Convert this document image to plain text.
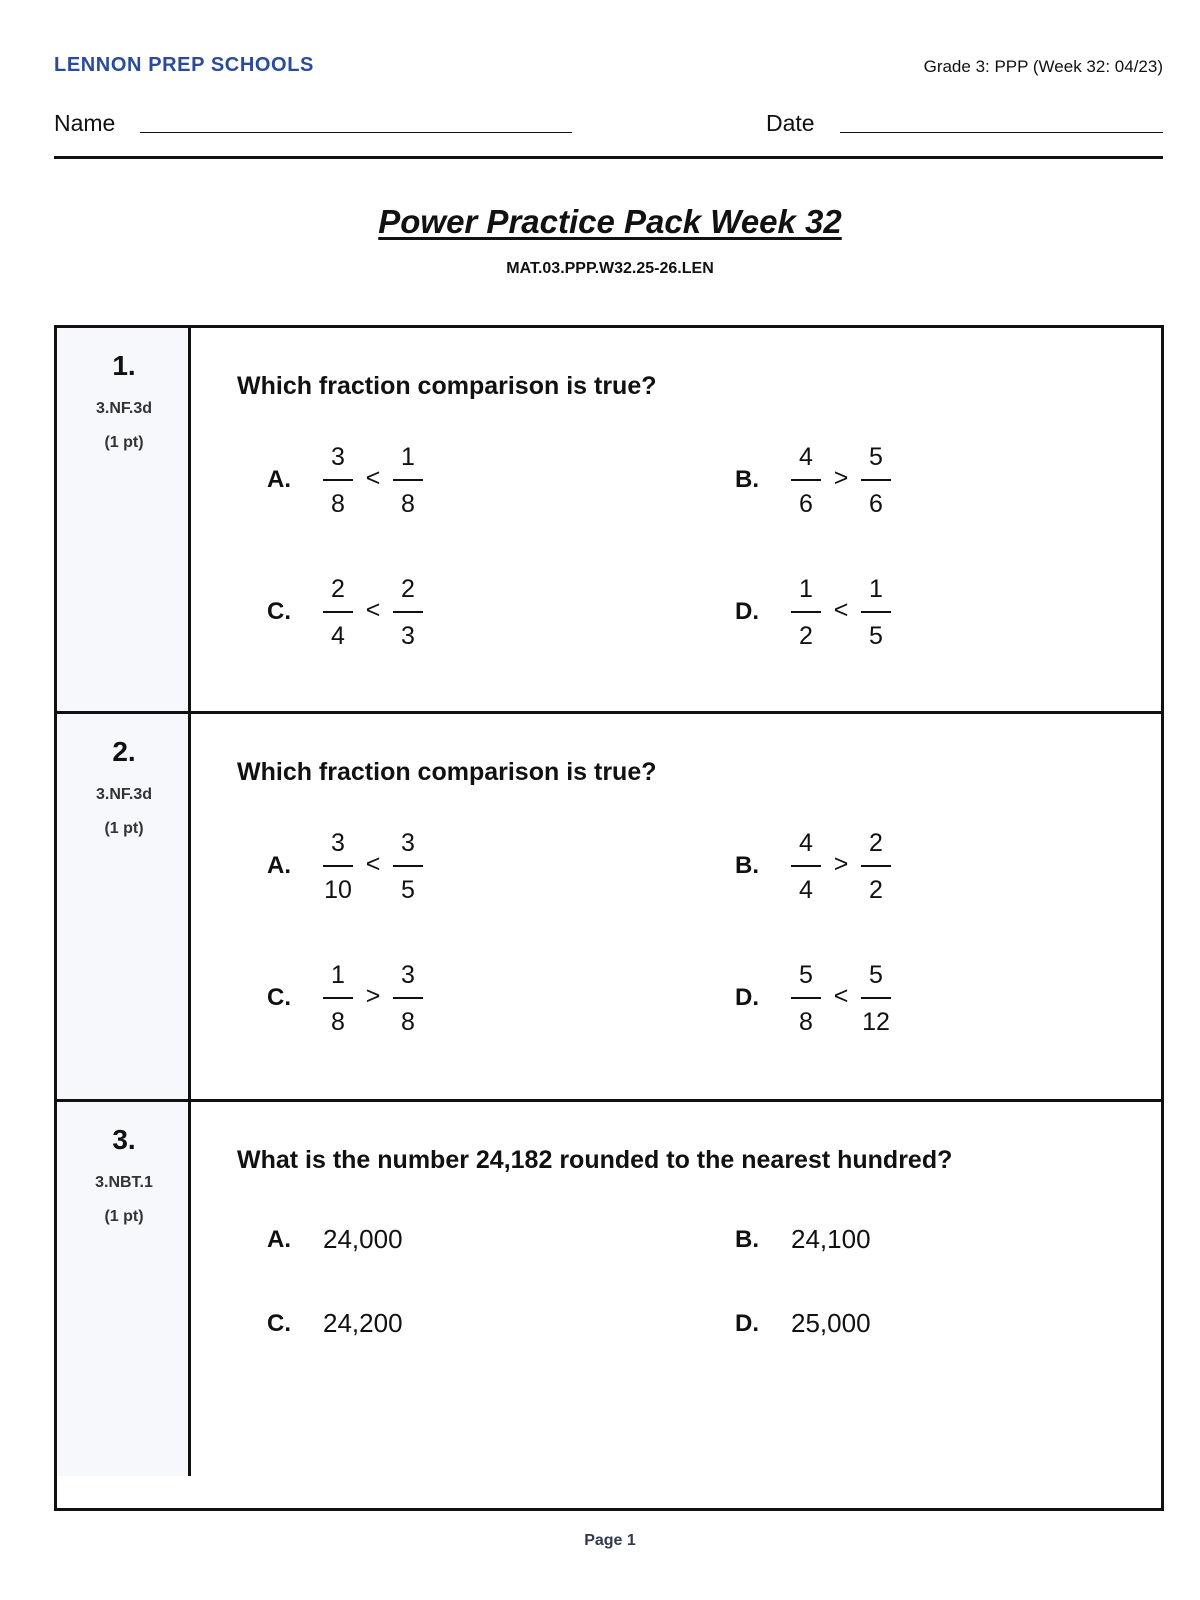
LENNON PREP SCHOOLS	Grade 3: PPP (Week 32: 04/23)
Name	Date
Power Practice Pack Week 32
MAT.03.PPP.W32.25-26.LEN
1.
3.NF.3d
(1 pt)
Which fraction comparison is true?
A.
3
8
<
1
8
B.
4
6
>
5
6
C.
2
4
<
2
3
D.
1
2
<
1
5
2.
3.NF.3d
(1 pt)
Which fraction comparison is true?
A.
3
10
<
3
5
B.
4
4
>
2
2
C.
1
8
>
3
8
D.
5
8
<
5
12
3.
3.NBT.1
(1 pt)
What is the number 24,182 rounded to the nearest hundred?
A. 24,000	B. 24,100
C. 24,200	D. 25,000
Page 1
